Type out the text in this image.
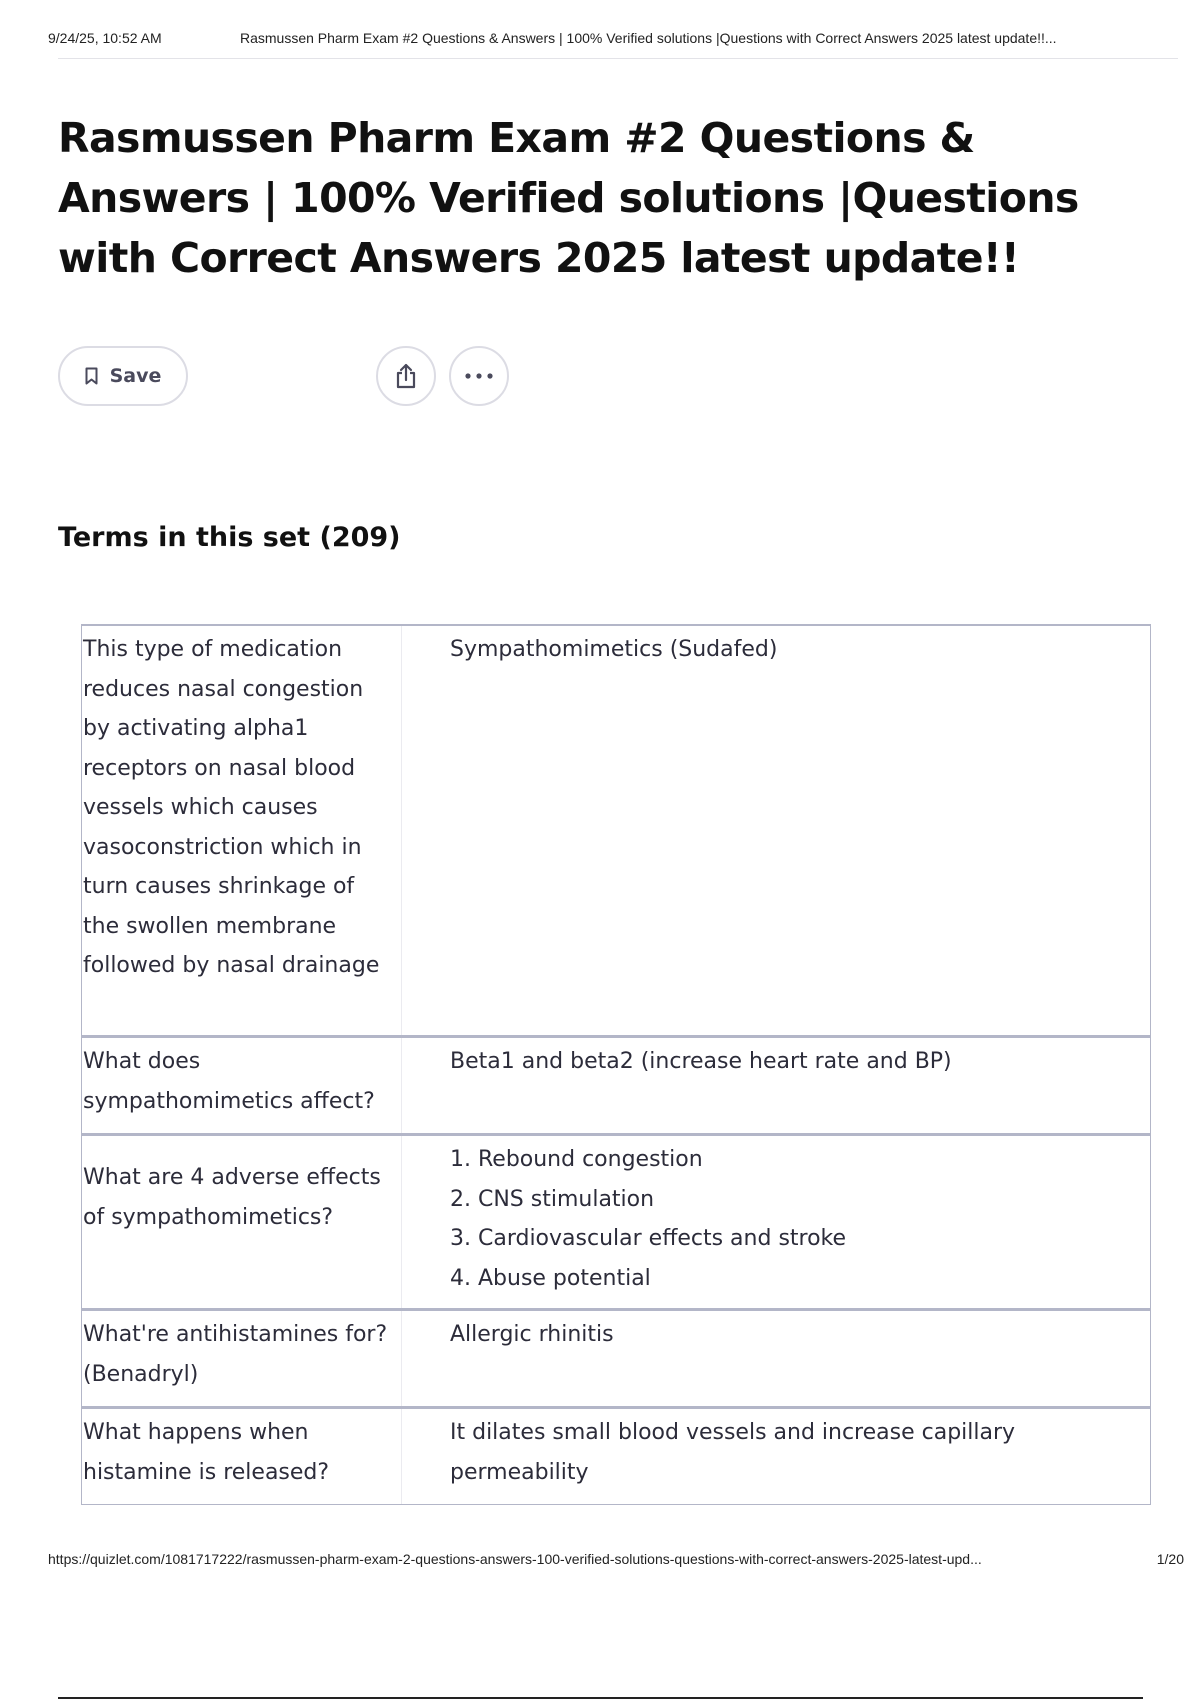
9/24/25, 10:52 AM	Rasmussen Pharm Exam #2 Questions & Answers | 100% Verified solutions |Questions with Correct Answers 2025 latest update!!...
Rasmussen Pharm Exam #2 Questions & Answers | 100% Verified solutions |Questions with Correct Answers 2025 latest update!!
Save
Terms in this set (209)
This type of medication reduces nasal congestion by activating alpha1 receptors on nasal blood vessels which causes vasoconstriction which in turn causes shrinkage of the swollen membrane followed by nasal drainage
Sympathomimetics (Sudafed)
What does sympathomimetics affect?
Beta1 and beta2 (increase heart rate and BP)
What are 4 adverse effects of sympathomimetics?
1. Rebound congestion
2. CNS stimulation
3. Cardiovascular effects and stroke
4. Abuse potential
What're antihistamines for? (Benadryl)
Allergic rhinitis
What happens when histamine is released?
It dilates small blood vessels and increase capillary permeability
https://quizlet.com/1081717222/rasmussen-pharm-exam-2-questions-answers-100-verified-solutions-questions-with-correct-answers-2025-latest-upd...	1/20
